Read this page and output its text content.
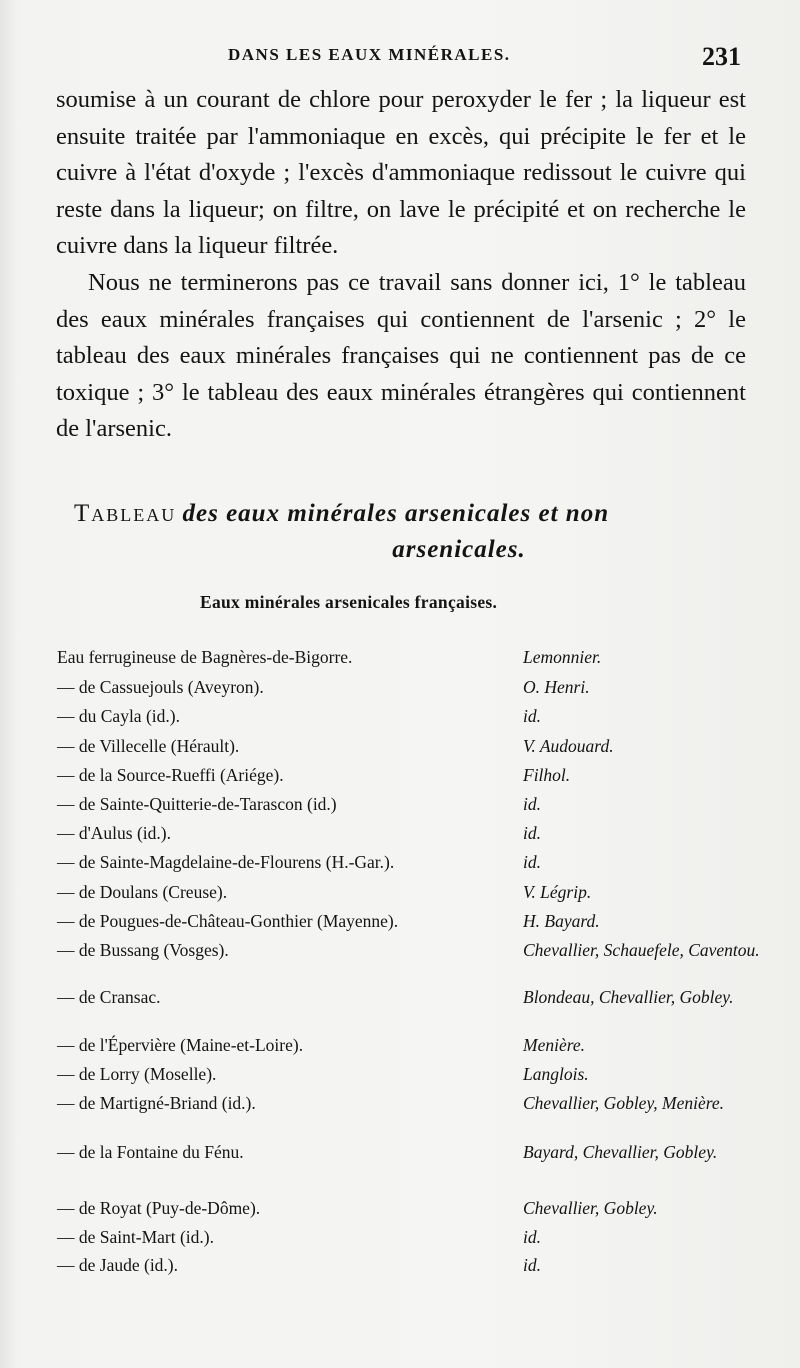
DANS LES EAUX MINÉRALES.	231

soumise à un courant de chlore pour peroxyder le fer ; la liqueur est ensuite traitée par l'ammoniaque en excès, qui précipite le fer et le cuivre à l'état d'oxyde ; l'excès d'ammoniaque redissout le cuivre qui reste dans la liqueur; on filtre, on lave le précipité et on recherche le cuivre dans la liqueur filtrée.

Nous ne terminerons pas ce travail sans donner ici, 1° le tableau des eaux minérales françaises qui contiennent de l'arsenic ; 2° le tableau des eaux minérales françaises qui ne contiennent pas de ce toxique ; 3° le tableau des eaux minérales étrangères qui contiennent de l'arsenic.

Tableau des eaux minérales arsenicales et non
arsenicales.
Eaux minérales arsenicales françaises.
Eau ferrugineuse de Bagnères-de-Bigorre.	Lemonnier.
— de Cassuejouls (Aveyron).	O. Henri.
— du Cayla (id.).	id.
— de Villecelle (Hérault).	V. Audouard.
— de la Source-Rueffi (Ariége).	Filhol.
— de Sainte-Quitterie-de-Tarascon (id.)	id.
— d'Aulus (id.).	id.
— de Sainte-Magdelaine-de-Flourens (H.-Gar.).	id.
— de Doulans (Creuse).	V. Légrip.
— de Pougues-de-Château-Gonthier (Mayenne).	H. Bayard.
— de Bussang (Vosges).	Chevallier, Schauefele, Caventou.
— de Cransac.	Blondeau, Chevallier, Gobley.
— de l'Épervière (Maine-et-Loire).	Menière.
— de Lorry (Moselle).	Langlois.
— de Martigné-Briand (id.).	Chevallier, Gobley, Menière.
— de la Fontaine du Fénu.	Bayard, Chevallier, Gobley.
— de Royat (Puy-de-Dôme).	Chevallier, Gobley.
— de Saint-Mart (id.).	id.
— de Jaude (id.).	id.
